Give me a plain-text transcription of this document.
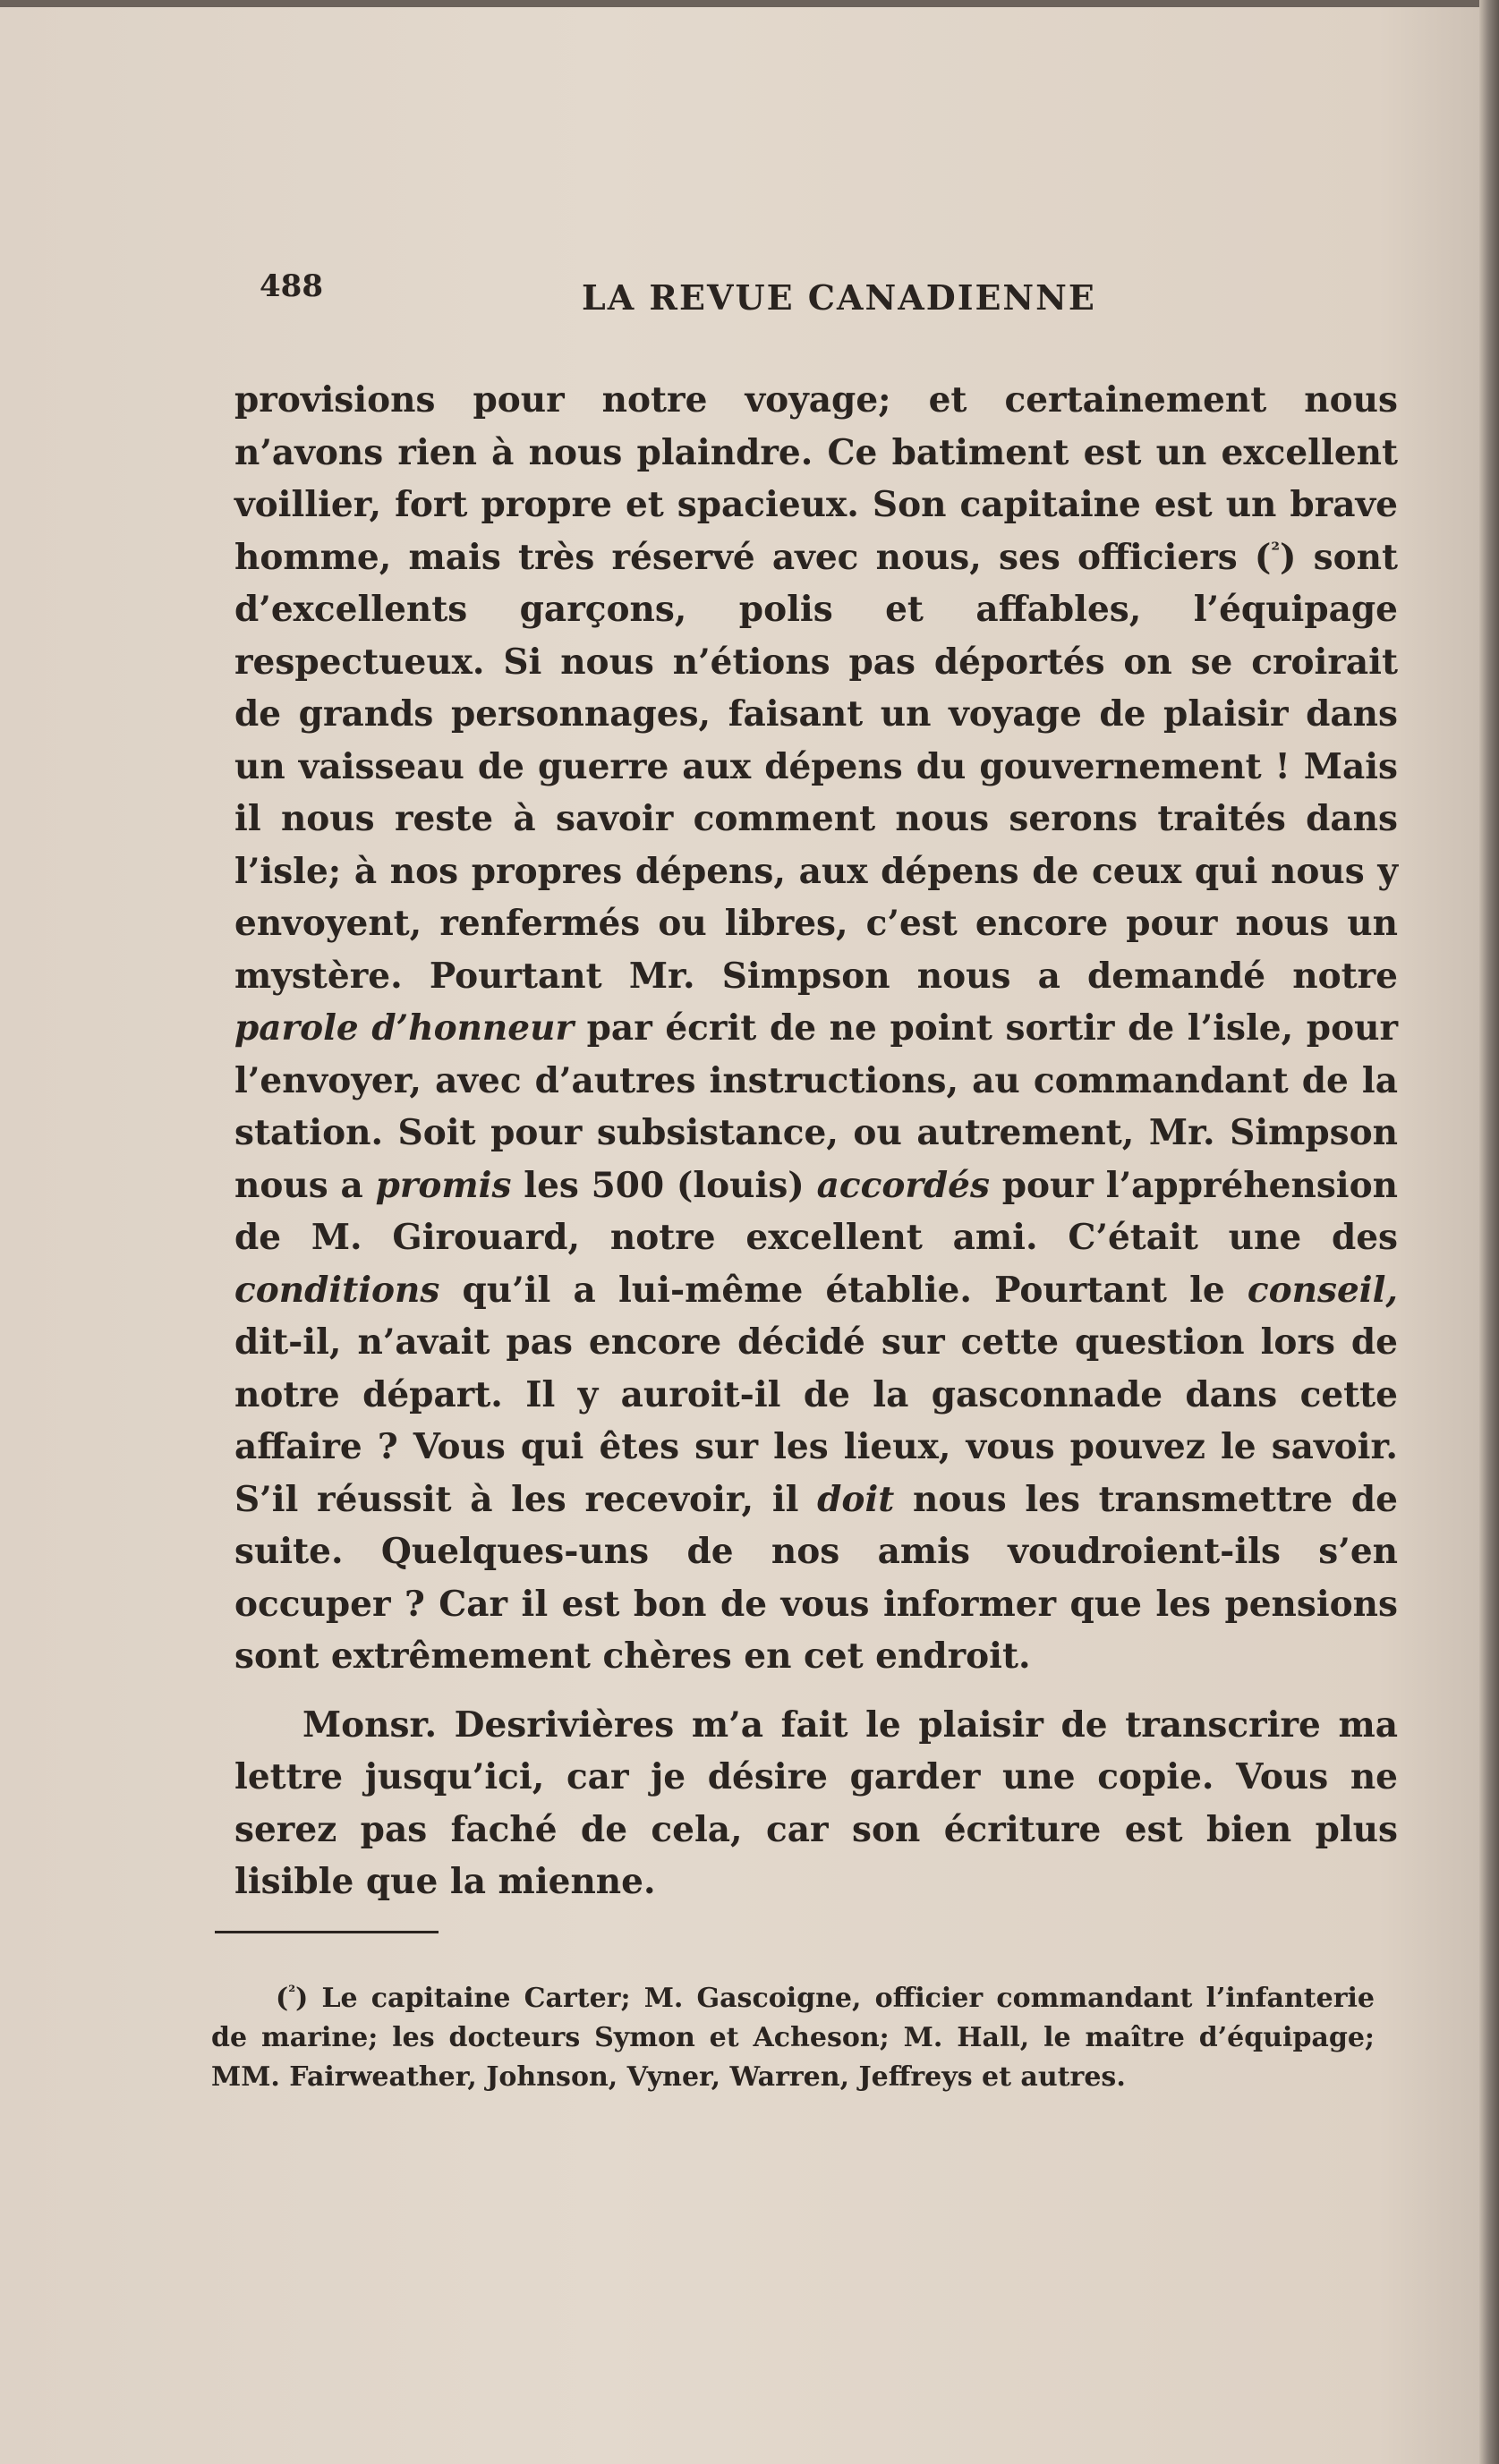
488	LA REVUE CANADIENNE

provisions pour notre voyage; et certainement nous n’avons rien à nous plaindre. Ce batiment est un excellent voillier, fort propre et spacieux. Son capitaine est un brave homme, mais très réservé avec nous, ses officiers ($^{^2}$) sont d’excellents garçons, polis et affables, l’équipage respectueux. Si nous n’étions pas déportés on se croirait de grands personnages, faisant un voyage de plaisir dans un vaisseau de guerre aux dépens du gouvernement ! Mais il nous reste à savoir comment nous serons traités dans l’isle; à nos propres dépens, aux dépens de ceux qui nous y envoyent, renfermés ou libres, c’est encore pour nous un mystère. Pourtant Mr. Simpson nous a demandé notre parole d’honneur par écrit de ne point sortir de l’isle, pour l’envoyer, avec d’autres instructions, au commandant de la station. Soit pour subsistance, ou autrement, Mr. Simpson nous a promis les 500 (louis) accordés pour l’appréhension de M. Girouard, notre excellent ami. C’était une des conditions qu’il a lui-même établie. Pourtant le conseil, dit-il, n’avait pas encore décidé sur cette question lors de notre départ. Il y auroit-il de la gasconnade dans cette affaire ? Vous qui êtes sur les lieux, vous pouvez le savoir. S’il réussit à les recevoir, il doit nous les transmettre de suite. Quelques-uns de nos amis voudroient-ils s’en occuper ? Car il est bon de vous informer que les pensions sont extrêmement chères en cet endroit.

Monsr. Desrivières m’a fait le plaisir de transcrire ma lettre jusqu’ici, car je désire garder une copie. Vous ne serez pas faché de cela, car son écriture est bien plus lisible que la mienne.

($^{^2}$) Le capitaine Carter; M. Gascoigne, officier commandant l’infanterie de marine; les docteurs Symon et Acheson; M. Hall, le maître d’équipage; MM. Fairweather, Johnson, Vyner, Warren, Jeffreys et autres.
